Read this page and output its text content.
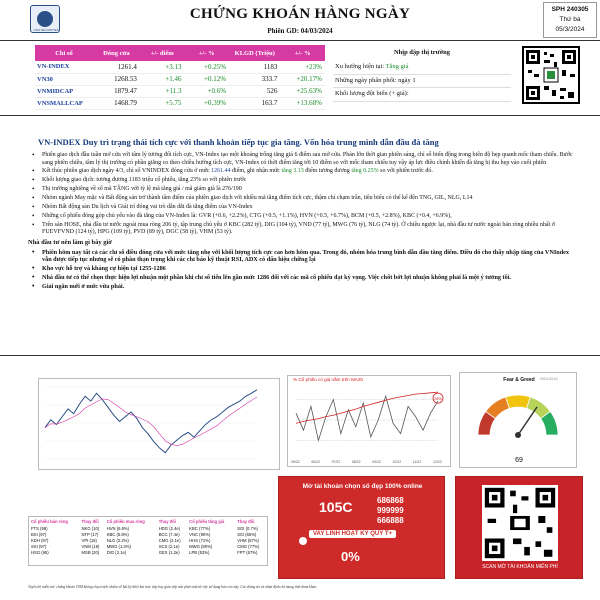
VSM SECURITIES
CHỨNG KHOÁN HÀNG NGÀY
Phiên GD: 04/03/2024
SPH 240305
Thứ ba
05/3/2024
Chỉ số	Đóng cửa	+/- điểm	+/- %	KLGD (Triệu)	+/- %
VN-INDEX	1261.4	+3.13	+0.25%	1183	+23%
VN30	1268.53	+1.46	+0.12%	333.7	+20.17%
VNMIDCAP	1879.47	+11.3	+0.6%	526	+25.63%
VNSMALLCAP	1468.79	+5.75	+0.39%	163.7	+13.68%
Nhịp đập thị trường
Xu hướng hiện tại: Tăng giá
Những ngày phân phối: ngày 1
Khối lượng đột biến (+ giá):
VN-INDEX Duy trì trạng thái tích cực với thanh khoản tiếp tục gia tăng. Vốn hóa trung mình dẫn đầu đà tăng
• Phiên giao dịch đầu tuần mở cửa với tâm lý tương đối tích cực, VN-Index tạo một khoảng trống tăng giá 6 điểm sau mở cửa. Phản lớn thời gian phiên sáng, chỉ số biến động trong biên độ hẹp quanh mốc tham chiếu. Bước sang phiên chiều, tâm lý thị trường có phần giằng co theo chiều hướng tích cực, VN-Index có thời điểm tăng tới 10 điểm so với mốc tham chiếu tuy vậy áp lực điều chỉnh khiến đà tăng bị thu hẹp vào cuối phiên
• Kết thúc phiên giao dịch ngày 4/3, chỉ số VNINDEX đóng cửa ở mức 1261.44 điểm, ghi nhận mức tăng 3.13 điểm tương đương tăng 0.25% so với phiên trước đó.
• Khối lượng giao dịch: tương đương 1183 triệu cổ phiếu, tăng 23% so với phiên trước
• Thị trường nghiêng về số mã TĂNG với tỷ lệ mã tăng giá / mã giảm giá là 276/190
• Nhóm ngành May mặc và Bất động sản trở thành tâm điểm của phiên giao dịch với nhiều mã tăng điểm tích cực, thậm chí chạm trần, tiêu biểu có thể kể đến TNG, GIL, NLG, L14
• Nhóm Bất động sản Du lịch và Giải trí đóng vai trò dẫn dắt đà tăng điểm của VN-Index
• Những cổ phiếu đóng góp chủ yếu vào đà tăng của VN-Index là: GVR (+0.6, +2.2%), CTG (+0.5, +1.1%), HVN (+0.5, +6.7%), BCM (+0.5, +2.8%), KBC (+0.4, +6.9%),
• Trên sàn HOSE, nhà đầu tư nước ngoài mua ròng 206 tỷ, tập trung chủ yếu ở KBC (282 tỷ), DIG (104 tỷ), VND (77 tỷ), MWG (76 tỷ), NLG (74 tỷ). Ở chiều ngược lại, nhà đầu tư nước ngoài bán ròng nhiều nhất ở FUEVFVND (124 tỷ), HPG (109 tỷ), PVD (89 tỷ), DGC (58 tỷ), VHM (53 tỷ).
Nhà đầu tư nên làm gì bây giờ
• Phiên hôm nay tất cả các chỉ số điều đóng cửa với mức tăng nhẹ với khối lượng tích cực cao hơn hôm qua. Trong đó, nhóm hóa trung bình dẫn đầu tăng điểm. Điều đó cho thấy nhập tăng của VNIndex vẫn được tiếp tục nhưng sẽ có phân thạn trọng khi các chỉ báo kỹ thuật RSI, ADX có dấu hiệu chững lại
• Kho vực hỗ trợ và kháng cự hiện tại 1255-1286
• Nhà đầu tư có thể chọn thực hiện lợi nhuận một phần khi chỉ số tiến lên gần mức 1286 đối với các mã cổ phiếu đạt kỳ vọng. Việc chốt bớt lợi nhuận không phải là một ý tưởng tồi.
• Giải ngân mới ở mức vừa phải.
% Cổ phiếu có giá nằm trên MA20
78%
05/22	06/22	07/22	08/22	09/22	10/22	11/22	12/22
Fear & Greed	2024-03-01
69
Cổ phiếu bán ròng	Thay đổi	Cổ phiếu mua ròng	Thay đổi	Cổ phiếu tăng giá	Thay đổi
FTS (98)	NKG (10)	HVN (6.6%)	HDG (2.4e)	KBC (77%)	SGI (0.7%)
BSI (97)	NTP (17)	KBC (5.8%)	BCC (7.4e)	VNC (90%)	SSI (65%)
KDH (97)	VPI (19)	NLG (2.2%)	CMG (2.1e)	HHS (71%)	VHM (57%)
SSI (97)	VNM (19)	MWG (1.3%)	SCS (2.1e)	MWG (80%)	CMG (77%)
HSG (95)	MSB (20)	DIG (2.1e)	GEX (1.2e)	LPB (53%)	FPT (67%)
Mở tài khoản chọn số đẹp 100% online
105C	686868
999999
666888
VAY LINH HOẠT KỲ QUỸ T+
0%
SCAN MỞ TÀI KHOẢN MIỄN PHÍ
Tuyên bố miễn trừ: chứng khoán VSM không chịu trách nhiệm về bất kỳ thiệt hại trực tiếp hay gián tiếp nào phát sinh từ việc sử dụng báo cáo này. Các thông tin và nhận định chỉ mang tính tham khảo.
